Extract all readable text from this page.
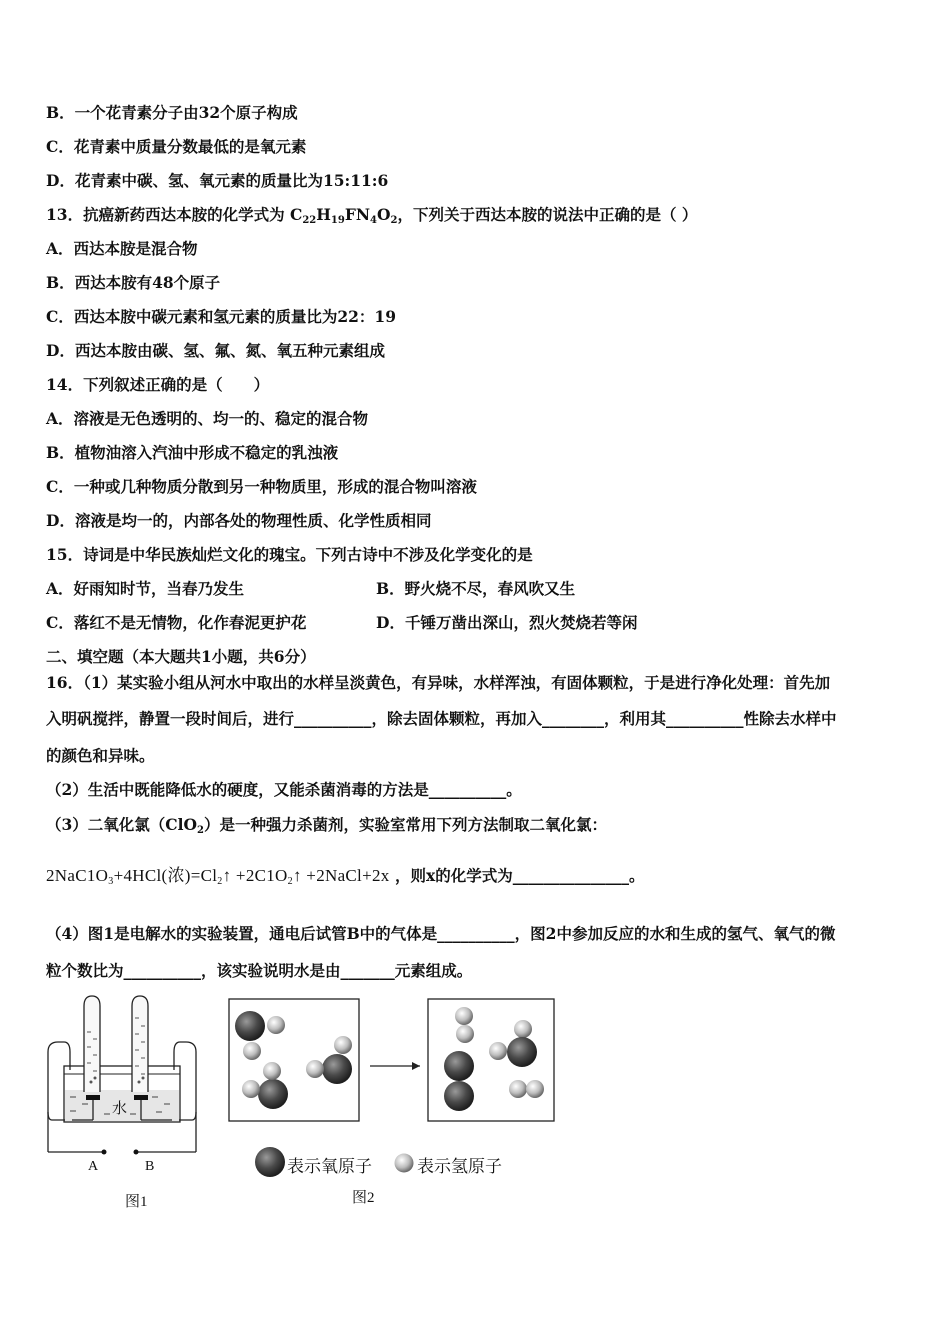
B．一个花青素分子由32个原子构成
C．花青素中质量分数最低的是氧元素
D．花青素中碳、氢、氧元素的质量比为15:11:6
13．抗癌新药西达本胺的化学式为 $C_{22}H_{19}FN_4O_2$，下列关于西达本胺的说法中正确的是（ ）
A．西达本胺是混合物
B．西达本胺有48个原子
C．西达本胺中碳元素和氢元素的质量比为22：19
D．西达本胺由碳、氢、氟、氮、氧五种元素组成
14．下列叙述正确的是（　　）
A．溶液是无色透明的、均一的、稳定的混合物
B．植物油溶入汽油中形成不稳定的乳浊液
C．一种或几种物质分散到另一种物质里，形成的混合物叫溶液
D．溶液是均一的，内部各处的物理性质、化学性质相同
15．诗词是中华民族灿烂文化的瑰宝。下列古诗中不涉及化学变化的是
A．好雨知时节，当春乃发生	B．野火烧不尽，春风吹又生
C．落红不是无情物，化作春泥更护花	D．千锤万凿出深山，烈火焚烧若等闲
二、填空题（本大题共1小题，共6分）
16．（1）某实验小组从河水中取出的水样呈淡黄色，有异味，水样浑浊，有固体颗粒，于是进行净化处理：首先加
入明矾搅拌，静置一段时间后，进行__________，除去固体颗粒，再加入________，利用其__________性除去水样中
的颜色和异味。
（2）生活中既能降低水的硬度，又能杀菌消毒的方法是__________。
（3）二氧化氯（ClO$_2$）是一种强力杀菌剂，实验室常用下列方法制取二氧化氯：
$2NaC1O_3+4HCl$(浓)$=Cl_2↑$ $+2C1O_2↑$ +2NaCl+2x ，则x的化学式为_______________。
（4）图1是电解水的实验装置，通电后试管B中的气体是__________，图2中参加反应的水和生成的氢气、氧气的微
粒个数比为__________，该实验说明水是由_______元素组成。
水
A	B
图1
表示氧原子	表示氢原子
图2
